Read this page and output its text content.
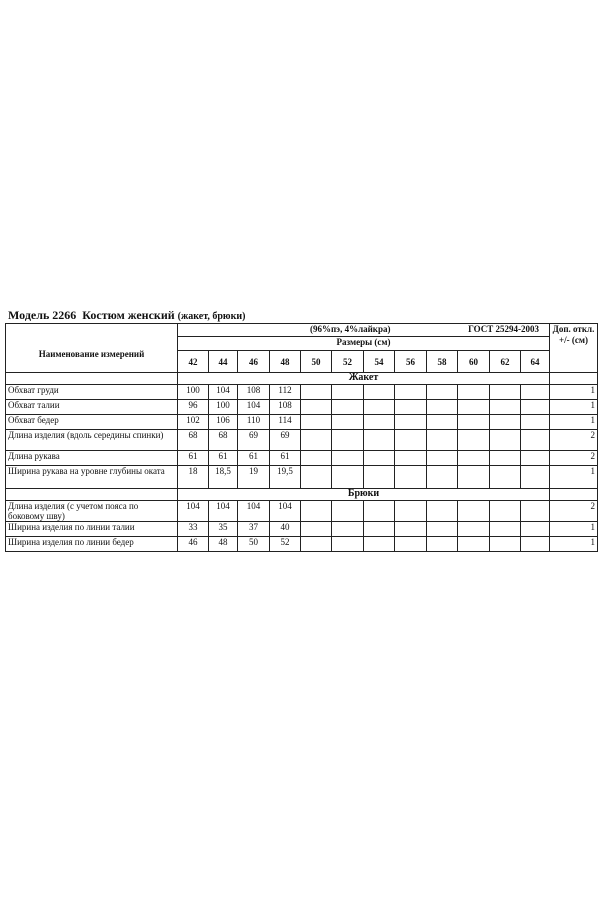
Модель 2266 Костюм женский (жакет, брюки)
	(96%пэ, 4%лайкра) ГОСТ 25294-2003												Доп. откл. +/- (см)
Наименование измерений	Размеры (см)												
	42	44	46	48	50	52	54	56	58	60	62	64	
	Жакет												
Обхват груди	100	104	108	112									1
Обхват талии	96	100	104	108									1
Обхват бедер	102	106	110	114									1
Длина изделия (вдоль середины спинки)	68	68	69	69									2
Длина рукава	61	61	61	61									2
Ширина рукава на уровне глубины оката	18	18,5	19	19,5									1
	Брюки												
Длина изделия (с учетом пояса по боковому шву)	104	104	104	104									2
Ширина изделия по линии талии	33	35	37	40									1
Ширина изделия по линии бедер	46	48	50	52									1
